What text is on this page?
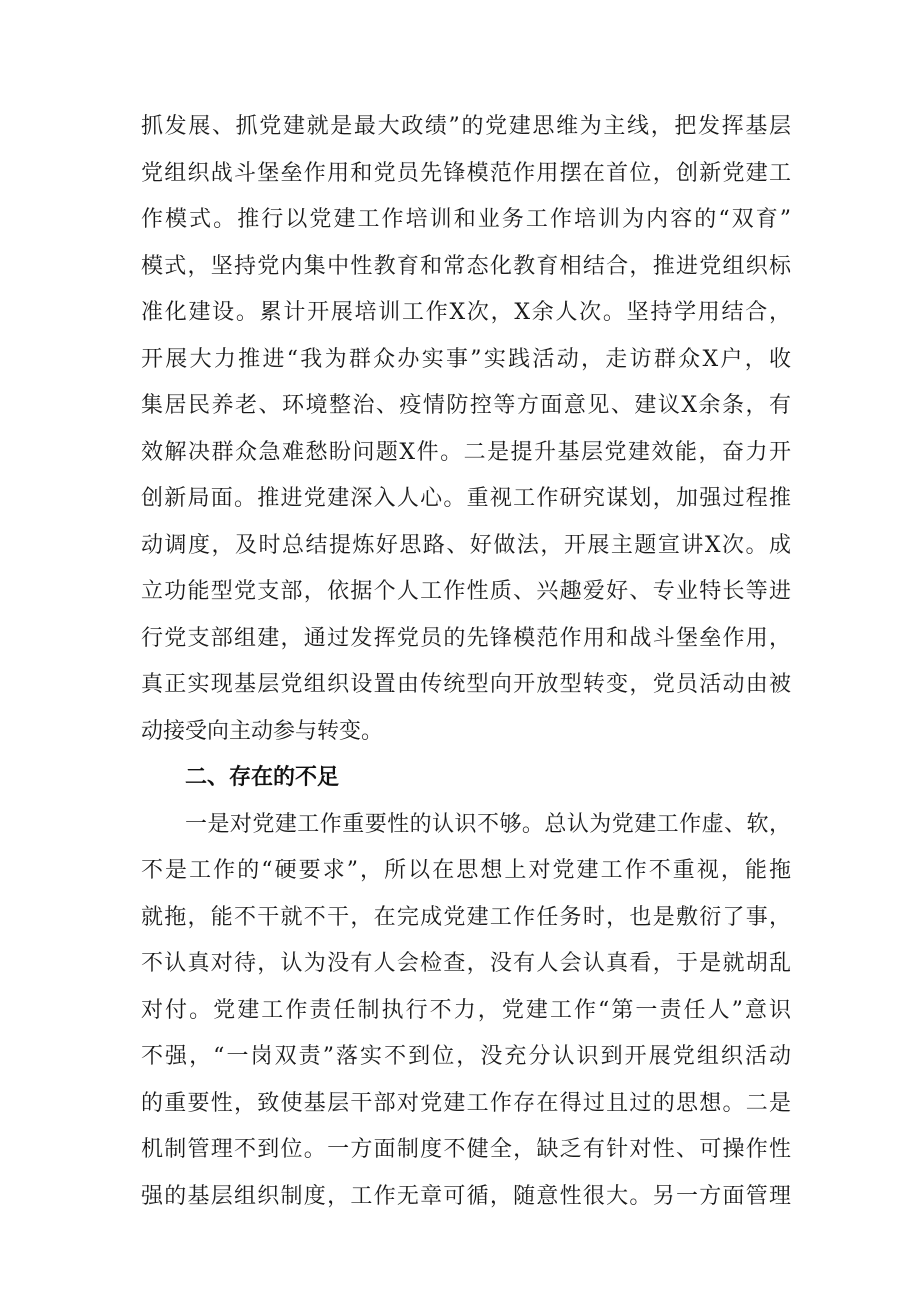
抓发展、抓党建就是最大政绩”的党建思维为主线，把发挥基层
党组织战斗堡垒作用和党员先锋模范作用摆在首位，创新党建工
作模式。推行以党建工作培训和业务工作培训为内容的“双育”
模式，坚持党内集中性教育和常态化教育相结合，推进党组织标
准化建设。累计开展培训工作X次，X余人次。坚持学用结合，
开展大力推进“我为群众办实事”实践活动，走访群众X户，收
集居民养老、环境整治、疫情防控等方面意见、建议X余条，有
效解决群众急难愁盼问题X件。二是提升基层党建效能，奋力开
创新局面。推进党建深入人心。重视工作研究谋划，加强过程推
动调度，及时总结提炼好思路、好做法，开展主题宣讲X次。成
立功能型党支部，依据个人工作性质、兴趣爱好、专业特长等进
行党支部组建，通过发挥党员的先锋模范作用和战斗堡垒作用，
真正实现基层党组织设置由传统型向开放型转变，党员活动由被
动接受向主动参与转变。
二、存在的不足
一是对党建工作重要性的认识不够。总认为党建工作虚、软，
不是工作的“硬要求”，所以在思想上对党建工作不重视，能拖
就拖，能不干就不干，在完成党建工作任务时，也是敷衍了事，
不认真对待，认为没有人会检查，没有人会认真看，于是就胡乱
对付。党建工作责任制执行不力，党建工作“第一责任人”意识
不强，“一岗双责”落实不到位，没充分认识到开展党组织活动
的重要性，致使基层干部对党建工作存在得过且过的思想。二是
机制管理不到位。一方面制度不健全，缺乏有针对性、可操作性
强的基层组织制度，工作无章可循，随意性很大。另一方面管理
